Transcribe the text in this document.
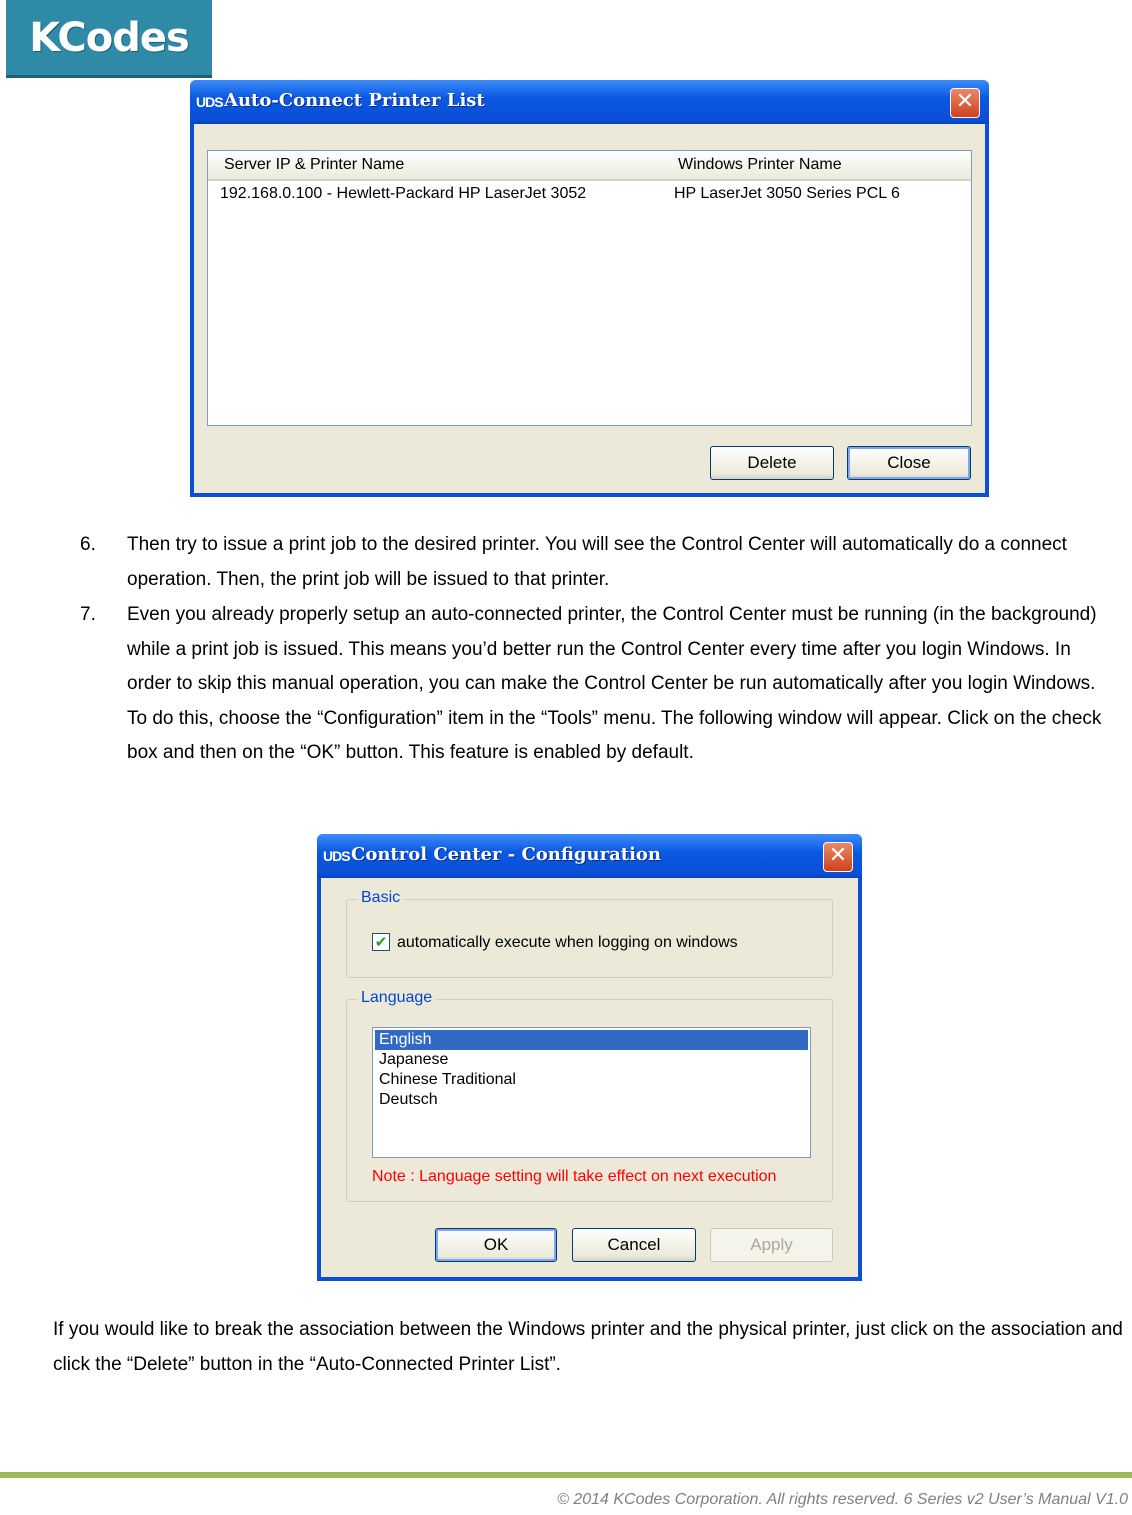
KCodes
UDS Auto-Connect Printer List	✕
Server IP & Printer Name	Windows Printer Name
192.168.0.100 - Hewlett-Packard HP LaserJet 3052	HP LaserJet 3050 Series PCL 6
Delete	Close
6. Then try to issue a print job to the desired printer. You will see the Control Center will automatically do a connect operation. Then, the print job will be issued to that printer.
7. Even you already properly setup an auto-connected printer, the Control Center must be running (in the background) while a print job is issued. This means you’d better run the Control Center every time after you login Windows. In order to skip this manual operation, you can make the Control Center be run automatically after you login Windows. To do this, choose the “Configuration” item in the “Tools” menu. The following window will appear. Click on the check box and then on the “OK” button. This feature is enabled by default.
UDS Control Center - Configuration	✕
Basic
✔ automatically execute when logging on windows
Language
English
Japanese
Chinese Traditional
Deutsch
Note : Language setting will take effect on next execution
OK	Cancel	Apply
If you would like to break the association between the Windows printer and the physical printer, just click on the association and click the “Delete” button in the “Auto-Connected Printer List”.
© 2014 KCodes Corporation. All rights reserved. 6 Series v2 User’s Manual V1.0
